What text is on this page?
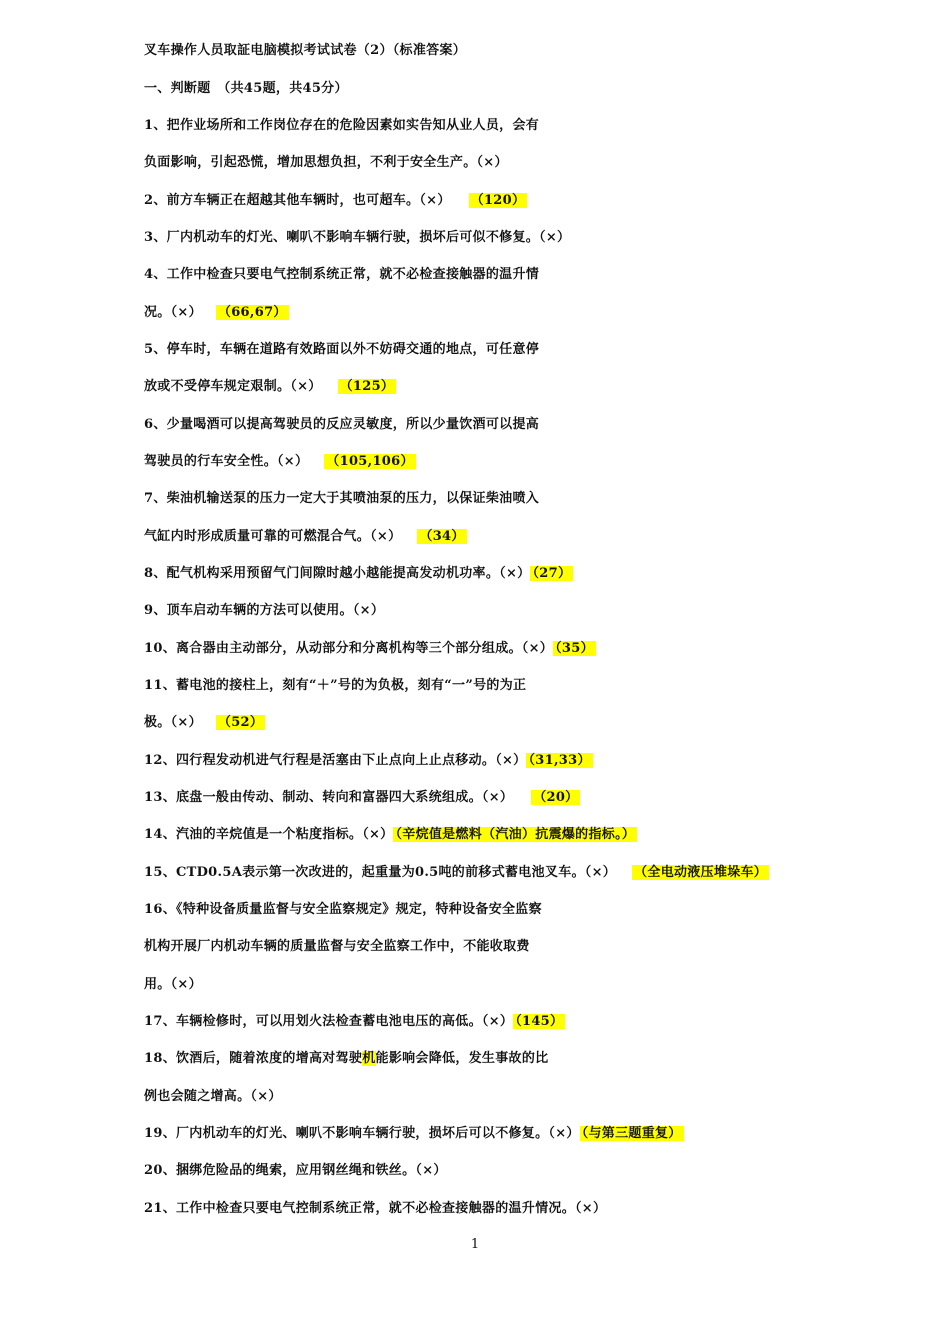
叉车操作人员取証电脑模拟考试试卷（2）（标准答案）
一、判断题　（共45题，共45分）
1、把作业场所和工作岗位存在的危险因素如实告知从业人员，会有
负面影响，引起恐慌，增加思想负担，不利于安全生产。（×）
2、前方车辆正在超越其他车辆时，也可超车。（×） （120）
3、厂内机动车的灯光、喇叭不影响车辆行驶，损坏后可似不修复。（×）
4、工作中检查只要电气控制系统正常，就不必检查接触器的温升情
况。（×） （66,67）
5、停车时，车辆在道路有效路面以外不妨碍交通的地点，可任意停
放或不受停车规定艰制。（×） （125）
6、少量喝酒可以提高驾驶员的反应灵敏度，所以少量饮酒可以提高
驾驶员的行车安全性。（×） （105,106）
7、柴油机输送泵的压力一定大于其喷油泵的压力，以保证柴油喷入
气缸内时形成质量可靠的可燃混合气。（×） （34）
8、配气机构采用预留气门间隙时越小越能提高发动机功率。（×） （27）
9、顶车启动车辆的方法可以使用。（×）
10、离合器由主动部分，从动部分和分离机构等三个部分组成。（×） （35）
11、蓄电池的接柱上，刻有“＋”号的为负极，刻有“一”号的为正
极。（×） （52）
12、四行程发动机进气行程是活塞由下止点向上止点移动。（×） （31,33）
13、底盘一般由传动、制动、转向和富器四大系统组成。（×） （20）
14、汽油的辛烷值是一个粘度指标。（×） （辛烷值是燃料（汽油）抗震爆的指标。）
15、CTD0.5A表示第一次改进的，起重量为0.5吨的前移式蓄电池叉车。（×） （全电动液压堆垛车）
16、《特种设备质量监督与安全监察规定》规定，特种设备安全监察
机构开展厂内机动车辆的质量监督与安全监察工作中，不能收取费
用。（×）
17、车辆检修时，可以用划火法检查蓄电池电压的高低。（×） （145）
18、饮酒后，随着浓度的增高对驾驶机能影响会降低，发生事故的比
例也会随之增高。（×）
19、厂内机动车的灯光、喇叭不影响车辆行驶，损坏后可以不修复。（×） （与第三题重复）
20、捆绑危险品的绳索，应用钢丝绳和铁丝。（×）
21、工作中检查只要电气控制系统正常，就不必检查接触器的温升情况。（×）
1
